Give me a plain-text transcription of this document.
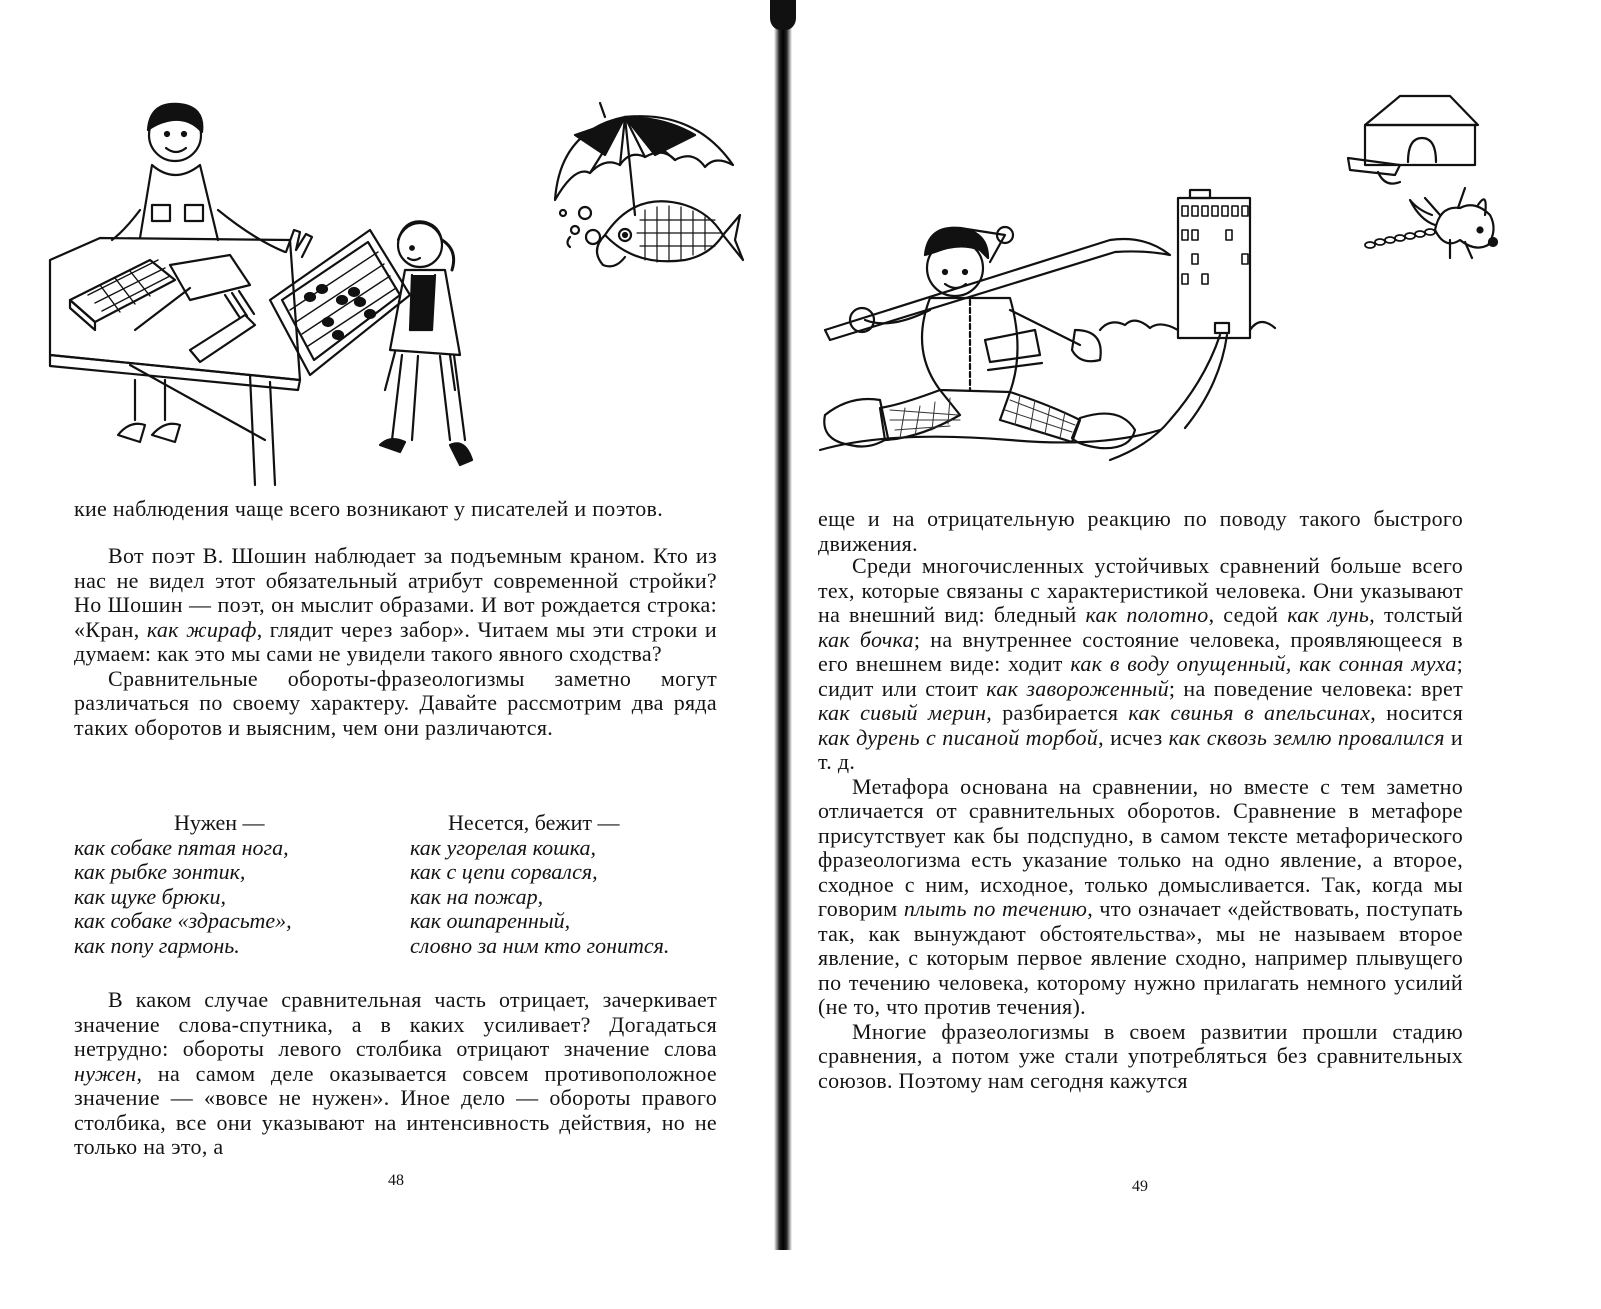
кие наблюдения чаще всего возникают у писателей и поэтов.

Вот поэт В. Шошин наблюдает за подъемным краном. Кто из нас не видел этот обязательный атрибут современной стройки? Но Шошин — поэт, он мыслит образами. И вот рождается строка: «Кран, как жираф, глядит через забор». Читаем мы эти строки и думаем: как это мы сами не увидели такого явного сходства?

Сравнительные обороты-фразеологизмы заметно могут различаться по своему характеру. Давайте рассмотрим два ряда таких оборотов и выясним, чем они различаются.

Нужен —
как собаке пятая нога,
как рыбке зонтик,
как щуке брюки,
как собаке «здрасьте»,
как попу гармонь.
Несется, бежит —
как угорелая кошка,
как с цепи сорвался,
как на пожар,
как ошпаренный,
словно за ним кто гонится.

В каком случае сравнительная часть отрицает, зачеркивает значение слова-спутника, а в каких усиливает? Догадаться нетрудно: обороты левого столбика отрицают значение слова нужен, на самом деле оказывается совсем противоположное значение — «вовсе не нужен». Иное дело — обороты правого столбика, все они указывают на интенсивность действия, но не только на это, а

48

еще и на отрицательную реакцию по поводу такого быстрого движения.

Среди многочисленных устойчивых сравнений больше всего тех, которые связаны с характеристикой человека. Они указывают на внешний вид: бледный как полотно, седой как лунь, толстый как бочка; на внутреннее состояние человека, проявляющееся в его внешнем виде: ходит как в воду опущенный, как сонная муха; сидит или стоит как завороженный; на поведение человека: врет как сивый мерин, разбирается как свинья в апельсинах, носится как дурень с писаной торбой, исчез как сквозь землю провалился и т. д.

Метафора основана на сравнении, но вместе с тем заметно отличается от сравнительных оборотов. Сравнение в метафоре присутствует как бы подспудно, в самом тексте метафорического фразеологизма есть указание только на одно явление, а второе, сходное с ним, исходное, только домысливается. Так, когда мы говорим плыть по течению, что означает «действовать, поступать так, как вынуждают обстоятельства», мы не называем второе явление, с которым первое явление сходно, например плывущего по течению человека, которому нужно прилагать немного усилий (не то, что против течения).

Многие фразеологизмы в своем развитии прошли стадию сравнения, а потом уже стали употребляться без сравнительных союзов. Поэтому нам сегодня кажутся

49
